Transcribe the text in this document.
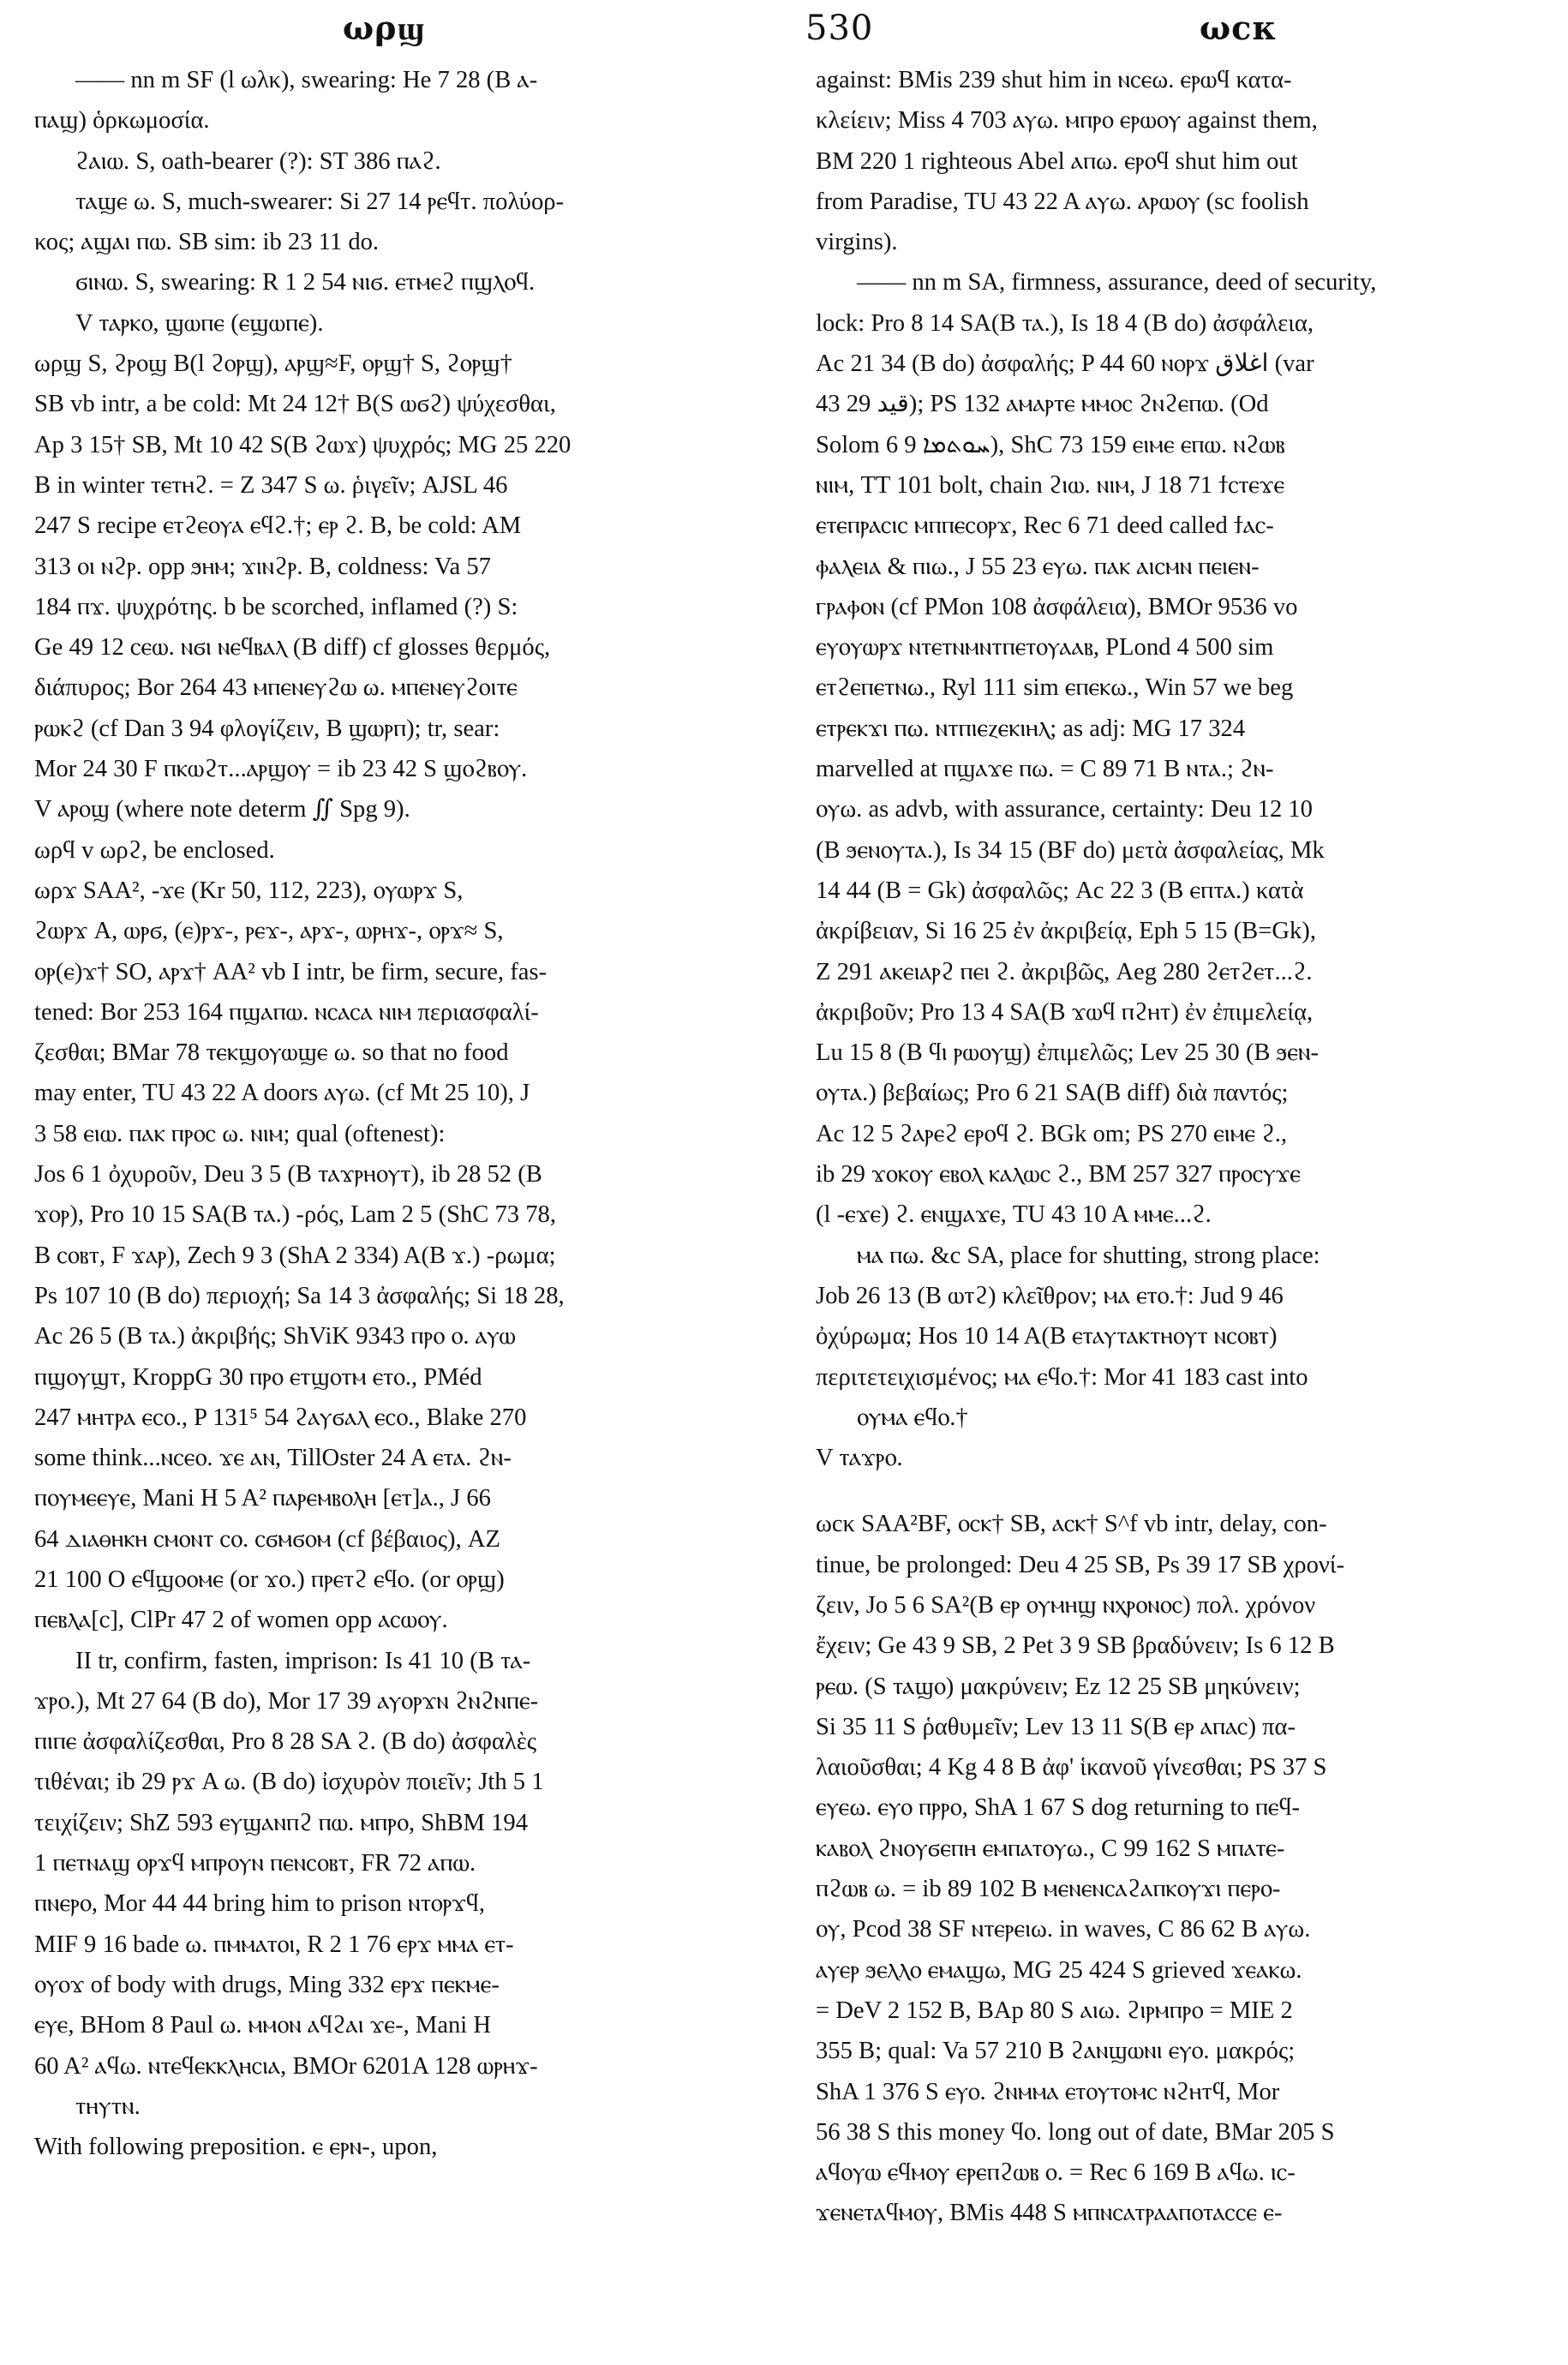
ωρϣ	530	ωcκ
—— nn m SF (l ωλκ), swearing: He 7 28 (B ⲁ-
ⲡⲁϣ) ὁρκωμοσία.
ϩⲁⲓⲱ. S, oath-bearer (?): ST 386 ⲡⲁϩ.
ⲧⲁϣⲉ ω. S, much-swearer: Si 27 14 ⲣⲉϥⲧ. πολύορ-
κος; ⲁϣⲁⲓ ⲡⲱ. SB sim: ib 23 11 do.
ϭⲓⲛⲱ. S, swearing: R 1 2 54 ⲛⲓϭ. ⲉⲧⲙⲉϩ ⲡϣⲗⲟϥ.
V ⲧⲁⲣⲕⲟ, ϣⲱⲡⲉ (ⲉϣⲱⲡⲉ).
ωρϣ S, ϩⲣⲟϣ B(l ϩⲟⲣϣ), ⲁⲣϣ≈F, ⲟⲣϣ† S, ϩⲟⲣϣ†
SB vb intr, a be cold: Mt 24 12† B(S ⲱϭϩ) ψύχεσθαι,
Ap 3 15† SB, Mt 10 42 S(B ϩⲱϫ) ψυχρός; MG 25 220
B in winter ⲧⲉⲧⲏϩ. = Z 347 S ω. ῥιγεῖν; AJSL 46
247 S recipe ⲉⲧϩⲉⲟⲩⲁ ⲉϥϩ.†; ⲉⲣ ϩ. B, be cold: AM
313 ⲟⲓ ⲛϩⲣ. opp ϧⲏⲙ; ϫⲓⲛϩⲣ. B, coldness: Va 57
184 ⲡϫ. ψυχρότης. b be scorched, inflamed (?) S:
Ge 49 12 ⲥⲉⲱ. ⲛϭⲓ ⲛⲉϥⲃⲁⲗ (B diff) cf glosses θερμός,
διάπυρος; Bor 264 43 ⲙⲡⲉⲛⲉⲩϩⲱ ω. ⲙⲡⲉⲛⲉⲩϩⲟⲓⲧⲉ
ⲣⲱⲕϩ (cf Dan 3 94 φλογίζειν, B ϣⲱⲣⲡ); tr, sear:
Mor 24 30 F ⲡⲕⲱϩⲧ...ⲁⲣϣⲟⲩ = ib 23 42 S ϣⲟϩⲃⲟⲩ.
V ⲁⲣⲟϣ (where note determ ∬ Spg 9).
ωρϥ v ωρϩ, be enclosed.
ωρϫ SAA², -ϫⲉ (Kr 50, 112, 223), ⲟⲩⲱⲣϫ S,
ϩⲱⲣϫ A, ⲱⲣϭ, (ⲉ)ⲣϫ-, ⲣⲉϫ-, ⲁⲣϫ-, ⲱⲣⲏϫ-, ⲟⲣϫ≈ S,
ⲟⲣ(ⲉ)ϫ† SO, ⲁⲣϫ† AA² vb I intr, be firm, secure, fas-
tened: Bor 253 164 ⲡϣⲁⲡⲱ. ⲛⲥⲁⲥⲁ ⲛⲓⲙ περιασφαλί-
ζεσθαι; BMar 78 ⲧⲉⲕϣⲟⲩⲱϣⲉ ω. so that no food
may enter, TU 43 22 A doors ⲁⲩω. (cf Mt 25 10), J
3 58 ⲉⲓⲱ. ⲡⲁⲕ ⲡⲣⲟⲥ ω. ⲛⲓⲙ; qual (oftenest):
Jos 6 1 ὀχυροῦν, Deu 3 5 (B ⲧⲁϫⲣⲏⲟⲩⲧ), ib 28 52 (B
ϫⲟⲣ), Pro 10 15 SA(B ⲧⲁ.) -ρός, Lam 2 5 (ShC 73 78,
B ⲥⲟⲃⲧ, F ϫⲁⲣ), Zech 9 3 (ShA 2 334) A(B ϫ.) -ρωμα;
Ps 107 10 (B do) περιοχή; Sa 14 3 ἀσφαλής; Si 18 28,
Ac 26 5 (B ⲧⲁ.) ἀκριβής; ShViK 9343 ⲡⲣⲟ ⲟ. ⲁⲩⲱ
ⲡϣⲟⲩϣⲧ, KroppG 30 ⲡⲣⲟ ⲉⲧϣⲟⲧⲙ ⲉⲧⲟ., PMéd
247 ⲙⲏⲧⲣⲁ ⲉⲥⲟ., P 131⁵ 54 ϩⲁⲩϭⲁⲗ ⲉⲥⲟ., Blake 270
some think...ⲛⲥⲉⲟ. ϫⲉ ⲁⲛ, TillOster 24 A ⲉⲧⲁ. ϩⲛ-
ⲡⲟⲩⲙⲉⲉⲩⲉ, Mani H 5 A² ⲡⲁⲣⲉⲙⲃⲟⲗⲏ [ⲉⲧ]ⲁ., J 66
64 ⲇⲓⲁⲑⲏⲕⲏ ⲥⲙⲟⲛⲧ ⲥⲟ. ⲥϭⲙϭⲟⲙ (cf βέβαιος), AZ
21 100 O ⲉϥϣⲟⲟⲙⲉ (or ϫⲟ.) ⲡⲣⲉⲧϩ ⲉϥⲟ. (or ⲟⲣϣ)
ⲡⲉⲃⲗⲁ[ⲥ], ClPr 47 2 of women opp ⲁⲥⲱⲟⲩ.
II tr, confirm, fasten, imprison: Is 41 10 (B ⲧⲁ-
ϫⲣⲟ.), Mt 27 64 (B do), Mor 17 39 ⲁⲩⲟⲣϫⲛ ϩⲛϩⲛⲡⲉ-
ⲡⲓⲡⲉ ἀσφαλίζεσθαι, Pro 8 28 SA ϩ. (B do) ἀσφαλὲς
τιθέναι; ib 29 ⲣϫ A ω. (B do) ἰσχυρὸν ποιεῖν; Jth 5 1
τειχίζειν; ShZ 593 ⲉⲩϣⲁⲛⲡϩ ⲡⲱ. ⲙⲡⲣⲟ, ShBM 194
1 ⲡⲉⲧⲛⲁϣ ⲟⲣϫϥ ⲙⲡⲣⲟⲩⲛ ⲡⲉⲛⲥⲟⲃⲧ, FR 72 ⲁⲡⲱ.
ⲡⲛⲉⲣⲟ, Mor 44 44 bring him to prison ⲛⲧⲟⲣϫϥ,
MIF 9 16 bade ω. ⲡⲙⲙⲁⲧⲟⲓ, R 2 1 76 ⲉⲣϫ ⲙⲙⲁ ⲉⲧ-
ⲟⲩⲟϫ of body with drugs, Ming 332 ⲉⲣϫ ⲡⲉⲕⲙⲉ-
ⲉⲩⲉ, BHom 8 Paul ω. ⲙⲙⲟⲛ ⲁϥϩⲁⲓ ϫⲉ-, Mani H
60 A² ⲁϥω. ⲛⲧⲉϥⲉⲕⲕⲗⲏⲥⲓⲁ, BMOr 6201A 128 ⲱⲣⲏϫ-
ⲧⲏⲩⲧⲛ.
With following preposition. ⲉ ⲉⲣⲛ-, upon,
against: BMis 239 shut him in ⲛⲥⲉω. ⲉⲣⲱϥ κατα-
κλείειν; Miss 4 703 ⲁⲩω. ⲙⲡⲣⲟ ⲉⲣⲱⲟⲩ against them,
BM 220 1 righteous Abel ⲁⲡω. ⲉⲣⲟϥ shut him out
from Paradise, TU 43 22 A ⲁⲩω. ⲁⲣⲱⲟⲩ (sc foolish
virgins).
—— nn m SA, firmness, assurance, deed of security,
lock: Pro 8 14 SA(B ⲧⲁ.), Is 18 4 (B do) ἀσφάλεια,
Ac 21 34 (B do) ἀσφαλής; P 44 60 ⲛⲟⲣϫ اغلاق (var
43 29 قيد); PS 132 ⲁⲙⲁⲣⲧⲉ ⲙⲙⲟⲥ ϩⲛϩⲉⲡⲱ. (Od
Solom 6 9 ܚܘܬܡܐ), ShC 73 159 ⲉⲓⲙⲉ ⲉⲡⲱ. ⲛϩⲱⲃ
ⲛⲓⲙ, TT 101 bolt, chain ϩⲓⲱ. ⲛⲓⲙ, J 18 71 ϯⲥⲧⲉϫⲉ
ⲉⲧⲉⲡⲣⲁⲥⲓⲥ ⲙⲡⲡⲉⲥⲟⲣϫ, Rec 6 71 deed called ϯⲁⲥ-
ⲫⲁⲗⲉⲓⲁ & ⲡⲓω., J 55 23 ⲉⲩω. ⲡⲁⲕ ⲁⲓⲥⲙⲛ ⲡⲉⲓⲉⲛ-
ⲅⲣⲁⲫⲟⲛ (cf PMon 108 ἀσφάλεια), BMOr 9536 vo
ⲉⲩⲟⲩⲱⲣϫ ⲛⲧⲉⲧⲛⲙⲛⲧⲡⲉⲧⲟⲩⲁⲁⲃ, PLond 4 500 sim
ⲉⲧϩⲉⲡⲉⲧⲛω., Ryl 111 sim ⲉⲡⲉⲕω., Win 57 we beg
ⲉⲧⲣⲉⲕϫⲓ ⲡω. ⲛⲧⲡⲓⲉⲍⲉⲕⲓⲏⲗ; as adj: MG 17 324
marvelled at ⲡϣⲁϫⲉ ⲡω. = C 89 71 B ⲛⲧⲁ.; ϩⲛ-
ⲟⲩω. as advb, with assurance, certainty: Deu 12 10
(B ϧⲉⲛⲟⲩⲧⲁ.), Is 34 15 (BF do) μετὰ ἀσφαλείας, Mk
14 44 (B = Gk) ἀσφαλῶς; Ac 22 3 (B ⲉⲡⲧⲁ.) κατὰ
ἀκρίβειαν, Si 16 25 ἐν ἀκριβείᾳ, Eph 5 15 (B=Gk),
Z 291 ⲁⲕⲉⲓⲁⲣϩ ⲡⲉⲓ ϩ. ἀκριβῶς, Aeg 280 ϩⲉⲧϩⲉⲧ...ϩ.
ἀκριβοῦν; Pro 13 4 SA(B ϫⲱϥ ⲡϩⲏⲧ) ἐν ἐπιμελείᾳ,
Lu 15 8 (B ϥⲓ ⲣⲱⲟⲩϣ) ἐπιμελῶς; Lev 25 30 (B ϧⲉⲛ-
ⲟⲩⲧⲁ.) βεβαίως; Pro 6 21 SA(B diff) διὰ παντός;
Ac 12 5 ϩⲁⲣⲉϩ ⲉⲣⲟϥ ϩ. BGk om; PS 270 ⲉⲓⲙⲉ ϩ.,
ib 29 ϫⲟⲕⲟⲩ ⲉⲃⲟⲗ ⲕⲁⲗⲱⲥ ϩ., BM 257 327 ⲡⲣⲟⲥⲩϫⲉ
(l -ⲉϫⲉ) ϩ. ⲉⲛϣⲁϫⲉ, TU 43 10 A ⲙⲙⲉ...ϩ.
ⲙⲁ ⲡω. &c SA, place for shutting, strong place:
Job 26 13 (B ⲱⲧϩ) κλεῖθρον; ⲙⲁ ⲉⲧⲟ.†: Jud 9 46
ὀχύρωμα; Hos 10 14 A(B ⲉⲧⲁⲩⲧⲁⲕⲧⲏⲟⲩⲧ ⲛⲥⲟⲃⲧ)
περιτετειχισμένος; ⲙⲁ ⲉϥⲟ.†: Mor 41 183 cast into
ⲟⲩⲙⲁ ⲉϥⲟ.†
V ⲧⲁϫⲣⲟ.
ωcκ SAA²BF, ⲟⲥⲕ† SB, ⲁⲥⲕ† S^f vb intr, delay, con-
tinue, be prolonged: Deu 4 25 SB, Ps 39 17 SB χρονί-
ζειν, Jo 5 6 SA²(B ⲉⲣ ⲟⲩⲙⲏϣ ⲛⲭⲣⲟⲛⲟⲥ) πολ. χρόνον
ἔχειν; Ge 43 9 SB, 2 Pet 3 9 SB βραδύνειν; Is 6 12 B
ⲣⲉⲱ. (S ⲧⲁϣⲟ) μακρύνειν; Ez 12 25 SB μηκύνειν;
Si 35 11 S ῥαθυμεῖν; Lev 13 11 S(B ⲉⲣ ⲁⲡⲁⲥ) πα-
λαιοῦσθαι; 4 Kg 4 8 B ἀφ' ἱκανοῦ γίνεσθαι; PS 37 S
ⲉⲩⲉω. ⲉⲩⲟ ⲡⲣⲣⲟ, ShA 1 67 S dog returning to ⲡⲉϥ-
ⲕⲁⲃⲟⲗ ϩⲛⲟⲩϭⲉⲡⲏ ⲉⲙⲡⲁⲧⲟⲩω., C 99 162 S ⲙⲡⲁⲧⲉ-
ⲡϩⲱⲃ ω. = ib 89 102 B ⲙⲉⲛⲉⲛⲥⲁϩⲁⲡⲕⲟⲩϫⲓ ⲡⲉⲣⲟ-
ⲟⲩ, Pcod 38 SF ⲛⲧⲉⲣⲉⲓω. in waves, C 86 62 B ⲁⲩω.
ⲁⲩⲉⲣ ϧⲉⲗⲗⲟ ⲉⲙⲁϣω, MG 25 424 S grieved ϫⲉⲁⲕω.
= DeV 2 152 B, BAp 80 S ⲁⲓω. ϩⲓⲣⲙⲡⲣⲟ = MIE 2
355 B; qual: Va 57 210 B ϩⲁⲛϣⲱⲛⲓ ⲉⲩⲟ. μακρός;
ShA 1 376 S ⲉⲩⲟ. ϩⲛⲙⲙⲁ ⲉⲧⲟⲩⲧⲟⲙⲥ ⲛϩⲏⲧϥ, Mor
56 38 S this money ϥⲟ. long out of date, BMar 205 S
ⲁϥⲟⲩⲱ ⲉϥⲙⲟⲩ ⲉⲣⲉⲡϩⲱⲃ ⲟ. = Rec 6 169 B ⲁϥω. ⲓⲥ-
ϫⲉⲛⲉⲧⲁϥⲙⲟⲩ, BMis 448 S ⲙⲡⲛⲥⲁⲧⲣⲁⲁⲡⲟⲧⲁⲥⲥⲉ ⲉ-
